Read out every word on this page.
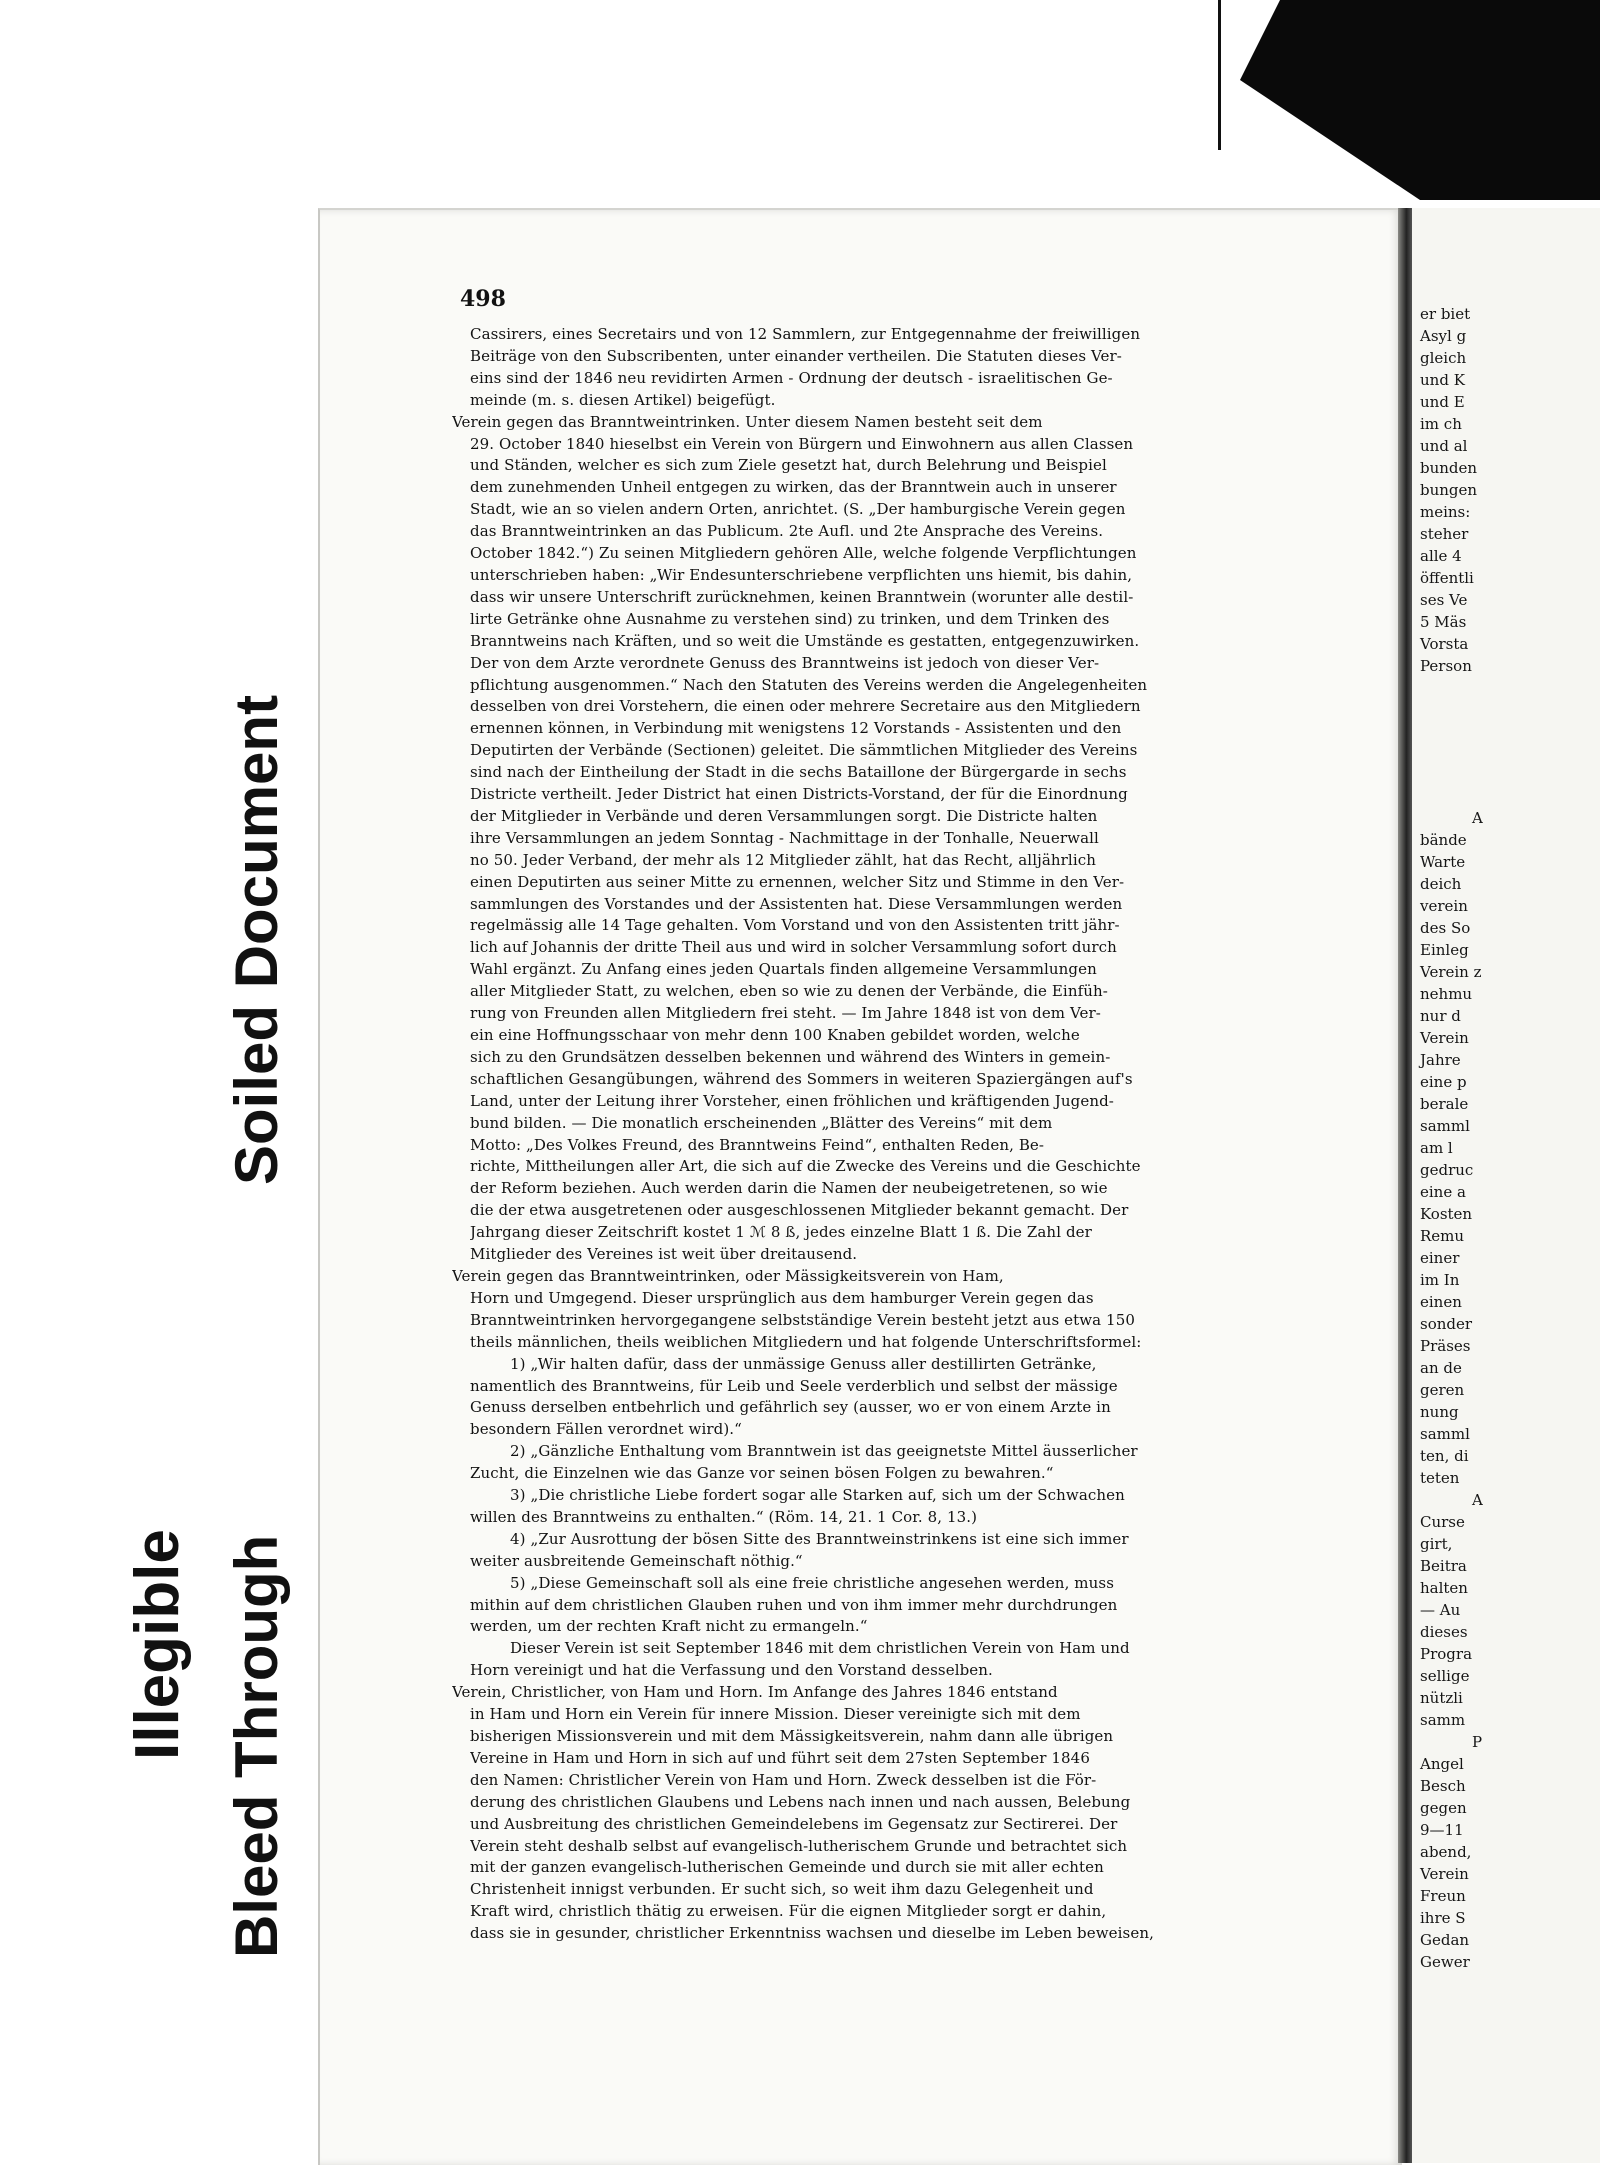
Soiled Document
Illegible Bleed Through
498
Cassirers, eines Secretairs und von 12 Sammlern, zur Entgegennahme der freiwilligen
Beiträge von den Subscribenten, unter einander vertheilen. Die Statuten dieses Ver-
eins sind der 1846 neu revidirten Armen - Ordnung der deutsch - israelitischen Ge-
meinde (m. s. diesen Artikel) beigefügt.
Verein gegen das Branntweintrinken. Unter diesem Namen besteht seit dem
29. October 1840 hieselbst ein Verein von Bürgern und Einwohnern aus allen Classen
und Ständen, welcher es sich zum Ziele gesetzt hat, durch Belehrung und Beispiel
dem zunehmenden Unheil entgegen zu wirken, das der Branntwein auch in unserer
Stadt, wie an so vielen andern Orten, anrichtet. (S. „Der hamburgische Verein gegen
das Branntweintrinken an das Publicum. 2te Aufl. und 2te Ansprache des Vereins.
October 1842.“) Zu seinen Mitgliedern gehören Alle, welche folgende Verpflichtungen
unterschrieben haben: „Wir Endesunterschriebene verpflichten uns hiemit, bis dahin,
dass wir unsere Unterschrift zurücknehmen, keinen Branntwein (worunter alle destil-
lirte Getränke ohne Ausnahme zu verstehen sind) zu trinken, und dem Trinken des
Branntweins nach Kräften, und so weit die Umstände es gestatten, entgegenzuwirken.
Der von dem Arzte verordnete Genuss des Branntweins ist jedoch von dieser Ver-
pflichtung ausgenommen.“ Nach den Statuten des Vereins werden die Angelegenheiten
desselben von drei Vorstehern, die einen oder mehrere Secretaire aus den Mitgliedern
ernennen können, in Verbindung mit wenigstens 12 Vorstands - Assistenten und den
Deputirten der Verbände (Sectionen) geleitet. Die sämmtlichen Mitglieder des Vereins
sind nach der Eintheilung der Stadt in die sechs Bataillone der Bürgergarde in sechs
Districte vertheilt. Jeder District hat einen Districts-Vorstand, der für die Einordnung
der Mitglieder in Verbände und deren Versammlungen sorgt. Die Districte halten
ihre Versammlungen an jedem Sonntag - Nachmittage in der Tonhalle, Neuerwall
no 50. Jeder Verband, der mehr als 12 Mitglieder zählt, hat das Recht, alljährlich
einen Deputirten aus seiner Mitte zu ernennen, welcher Sitz und Stimme in den Ver-
sammlungen des Vorstandes und der Assistenten hat. Diese Versammlungen werden
regelmässig alle 14 Tage gehalten. Vom Vorstand und von den Assistenten tritt jähr-
lich auf Johannis der dritte Theil aus und wird in solcher Versammlung sofort durch
Wahl ergänzt. Zu Anfang eines jeden Quartals finden allgemeine Versammlungen
aller Mitglieder Statt, zu welchen, eben so wie zu denen der Verbände, die Einfüh-
rung von Freunden allen Mitgliedern frei steht. — Im Jahre 1848 ist von dem Ver-
ein eine Hoffnungsschaar von mehr denn 100 Knaben gebildet worden, welche
sich zu den Grundsätzen desselben bekennen und während des Winters in gemein-
schaftlichen Gesangübungen, während des Sommers in weiteren Spaziergängen auf's
Land, unter der Leitung ihrer Vorsteher, einen fröhlichen und kräftigenden Jugend-
bund bilden. — Die monatlich erscheinenden „Blätter des Vereins“ mit dem
Motto: „Des Volkes Freund, des Branntweins Feind“, enthalten Reden, Be-
richte, Mittheilungen aller Art, die sich auf die Zwecke des Vereins und die Geschichte
der Reform beziehen. Auch werden darin die Namen der neubeigetretenen, so wie
die der etwa ausgetretenen oder ausgeschlossenen Mitglieder bekannt gemacht. Der
Jahrgang dieser Zeitschrift kostet 1 ℳ 8 ß, jedes einzelne Blatt 1 ß. Die Zahl der
Mitglieder des Vereines ist weit über dreitausend.
Verein gegen das Branntweintrinken, oder Mässigkeitsverein von Ham,
Horn und Umgegend. Dieser ursprünglich aus dem hamburger Verein gegen das
Branntweintrinken hervorgegangene selbstständige Verein besteht jetzt aus etwa 150
theils männlichen, theils weiblichen Mitgliedern und hat folgende Unterschriftsformel:
1) „Wir halten dafür, dass der unmässige Genuss aller destillirten Getränke,
namentlich des Branntweins, für Leib und Seele verderblich und selbst der mässige
Genuss derselben entbehrlich und gefährlich sey (ausser, wo er von einem Arzte in
besondern Fällen verordnet wird).“
2) „Gänzliche Enthaltung vom Branntwein ist das geeignetste Mittel äusserlicher
Zucht, die Einzelnen wie das Ganze vor seinen bösen Folgen zu bewahren.“
3) „Die christliche Liebe fordert sogar alle Starken auf, sich um der Schwachen
willen des Branntweins zu enthalten.“ (Röm. 14, 21. 1 Cor. 8, 13.)
4) „Zur Ausrottung der bösen Sitte des Branntweinstrinkens ist eine sich immer
weiter ausbreitende Gemeinschaft nöthig.“
5) „Diese Gemeinschaft soll als eine freie christliche angesehen werden, muss
mithin auf dem christlichen Glauben ruhen und von ihm immer mehr durchdrungen
werden, um der rechten Kraft nicht zu ermangeln.“
Dieser Verein ist seit September 1846 mit dem christlichen Verein von Ham und
Horn vereinigt und hat die Verfassung und den Vorstand desselben.
Verein, Christlicher, von Ham und Horn. Im Anfange des Jahres 1846 entstand
in Ham und Horn ein Verein für innere Mission. Dieser vereinigte sich mit dem
bisherigen Missionsverein und mit dem Mässigkeitsverein, nahm dann alle übrigen
Vereine in Ham und Horn in sich auf und führt seit dem 27sten September 1846
den Namen: Christlicher Verein von Ham und Horn. Zweck desselben ist die För-
derung des christlichen Glaubens und Lebens nach innen und nach aussen, Belebung
und Ausbreitung des christlichen Gemeindelebens im Gegensatz zur Sectirerei. Der
Verein steht deshalb selbst auf evangelisch-lutherischem Grunde und betrachtet sich
mit der ganzen evangelisch-lutherischen Gemeinde und durch sie mit aller echten
Christenheit innigst verbunden. Er sucht sich, so weit ihm dazu Gelegenheit und
Kraft wird, christlich thätig zu erweisen. Für die eignen Mitglieder sorgt er dahin,
dass sie in gesunder, christlicher Erkenntniss wachsen und dieselbe im Leben beweisen,
er biet
Asyl g
gleich
und K
und E
im ch
und al
bunden
bungen
meins:
steher
alle 4
öffentli
ses Ve
5 Mäs
Vorsta
Person
A
bände
Warte
deich
verein
des So
Einleg
Verein z
nehmu
nur d
Verein
Jahre
eine p
berale
samml
am l
gedruc
eine a
Kosten
Remu
einer
im In
einen
sonder
Präses
an de
geren
nung
samml
ten, di
teten
A
Curse
girt,
Beitra
halten
— Au
dieses
Progra
sellige
nützli
samm
P
Angel
Besch
gegen
9—11
abend,
Verein
Freun
ihre S
Gedan
Gewer
